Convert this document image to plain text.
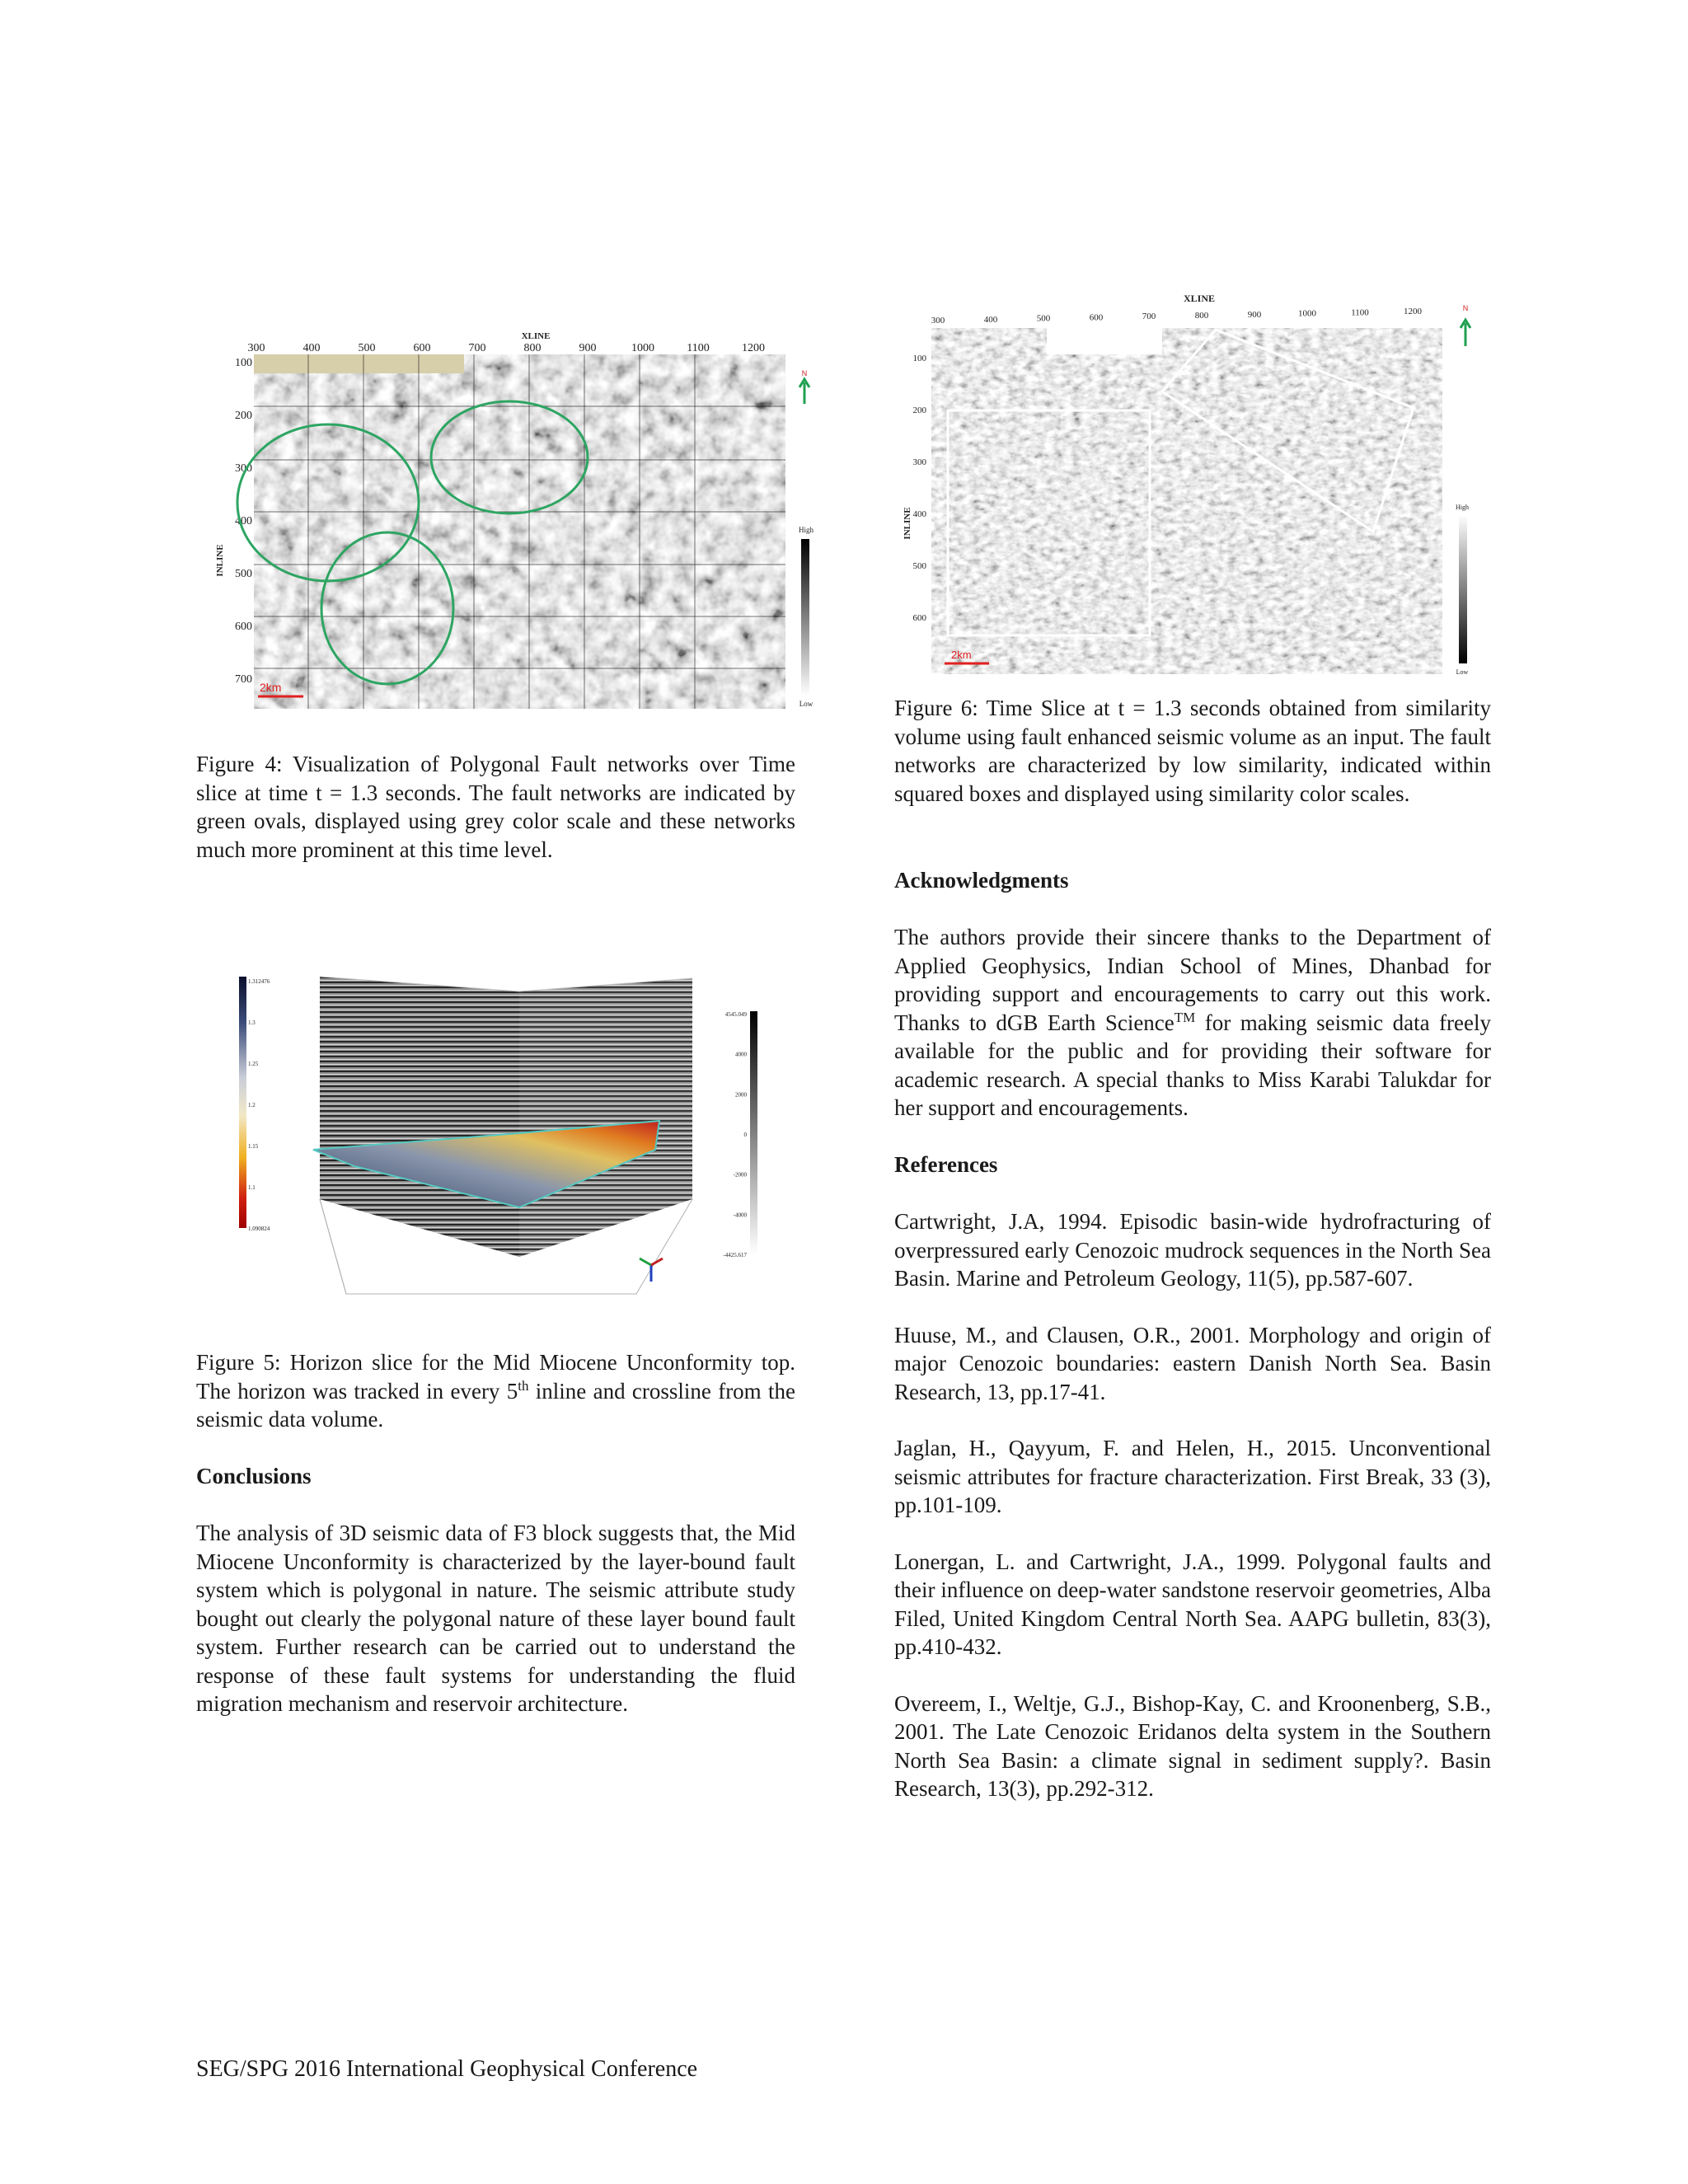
XLINE
300	400	500	600	700	800	900	1000	1100	1200
100
200
300
400
500
600
700
INLINE
High
Low
N
2km
Figure 4: Visualization of Polygonal Fault networks over Time slice at time t = 1.3 seconds. The fault networks are indicated by green ovals, displayed using grey color scale and these networks much more prominent at this time level.
1.312476
1.3
1.25
1.2
1.15
1.1
1.090824
4545.049
4000
2000
0
-2000
-4000
-4425.617
Figure 5: Horizon slice for the Mid Miocene Unconformity top. The horizon was tracked in every 5th inline and crossline from the seismic data volume.
Conclusions
The analysis of 3D seismic data of F3 block suggests that, the Mid Miocene Unconformity is characterized by the layer-bound fault system which is polygonal in nature. The seismic attribute study bought out clearly the polygonal nature of these layer bound fault system. Further research can be carried out to understand the response of these fault systems for understanding the fluid migration mechanism and reservoir architecture.
XLINE
300	400	500	600	700	800	900	1000	1100	1200
100
200
300
400
500
600
INLINE	High
Low
N
2km
Figure 6: Time Slice at t = 1.3 seconds obtained from similarity volume using fault enhanced seismic volume as an input. The fault networks are characterized by low similarity, indicated within squared boxes and displayed using similarity color scales.
Acknowledgments
The authors provide their sincere thanks to the Department of Applied Geophysics, Indian School of Mines, Dhanbad for providing support and encouragements to carry out this work. Thanks to dGB Earth Science™ for making seismic data freely available for the public and for providing their software for academic research. A special thanks to Miss Karabi Talukdar for her support and encouragements.
References

Cartwright, J.A, 1994. Episodic basin-wide hydrofracturing of overpressured early Cenozoic mudrock sequences in the North Sea Basin. Marine and Petroleum Geology, 11(5), pp.587-607.

Huuse, M., and Clausen, O.R., 2001. Morphology and origin of major Cenozoic boundaries: eastern Danish North Sea. Basin Research, 13, pp.17-41.

Jaglan, H., Qayyum, F. and Helen, H., 2015. Unconventional seismic attributes for fracture characterization. First Break, 33 (3), pp.101-109.

Lonergan, L. and Cartwright, J.A., 1999. Polygonal faults and their influence on deep-water sandstone reservoir geometries, Alba Filed, United Kingdom Central North Sea. AAPG bulletin, 83(3), pp.410-432.

Overeem, I., Weltje, G.J., Bishop-Kay, C. and Kroonenberg, S.B., 2001. The Late Cenozoic Eridanos delta system in the Southern North Sea Basin: a climate signal in sediment supply?. Basin Research, 13(3), pp.292-312.

SEG/SPG 2016 International Geophysical Conference
